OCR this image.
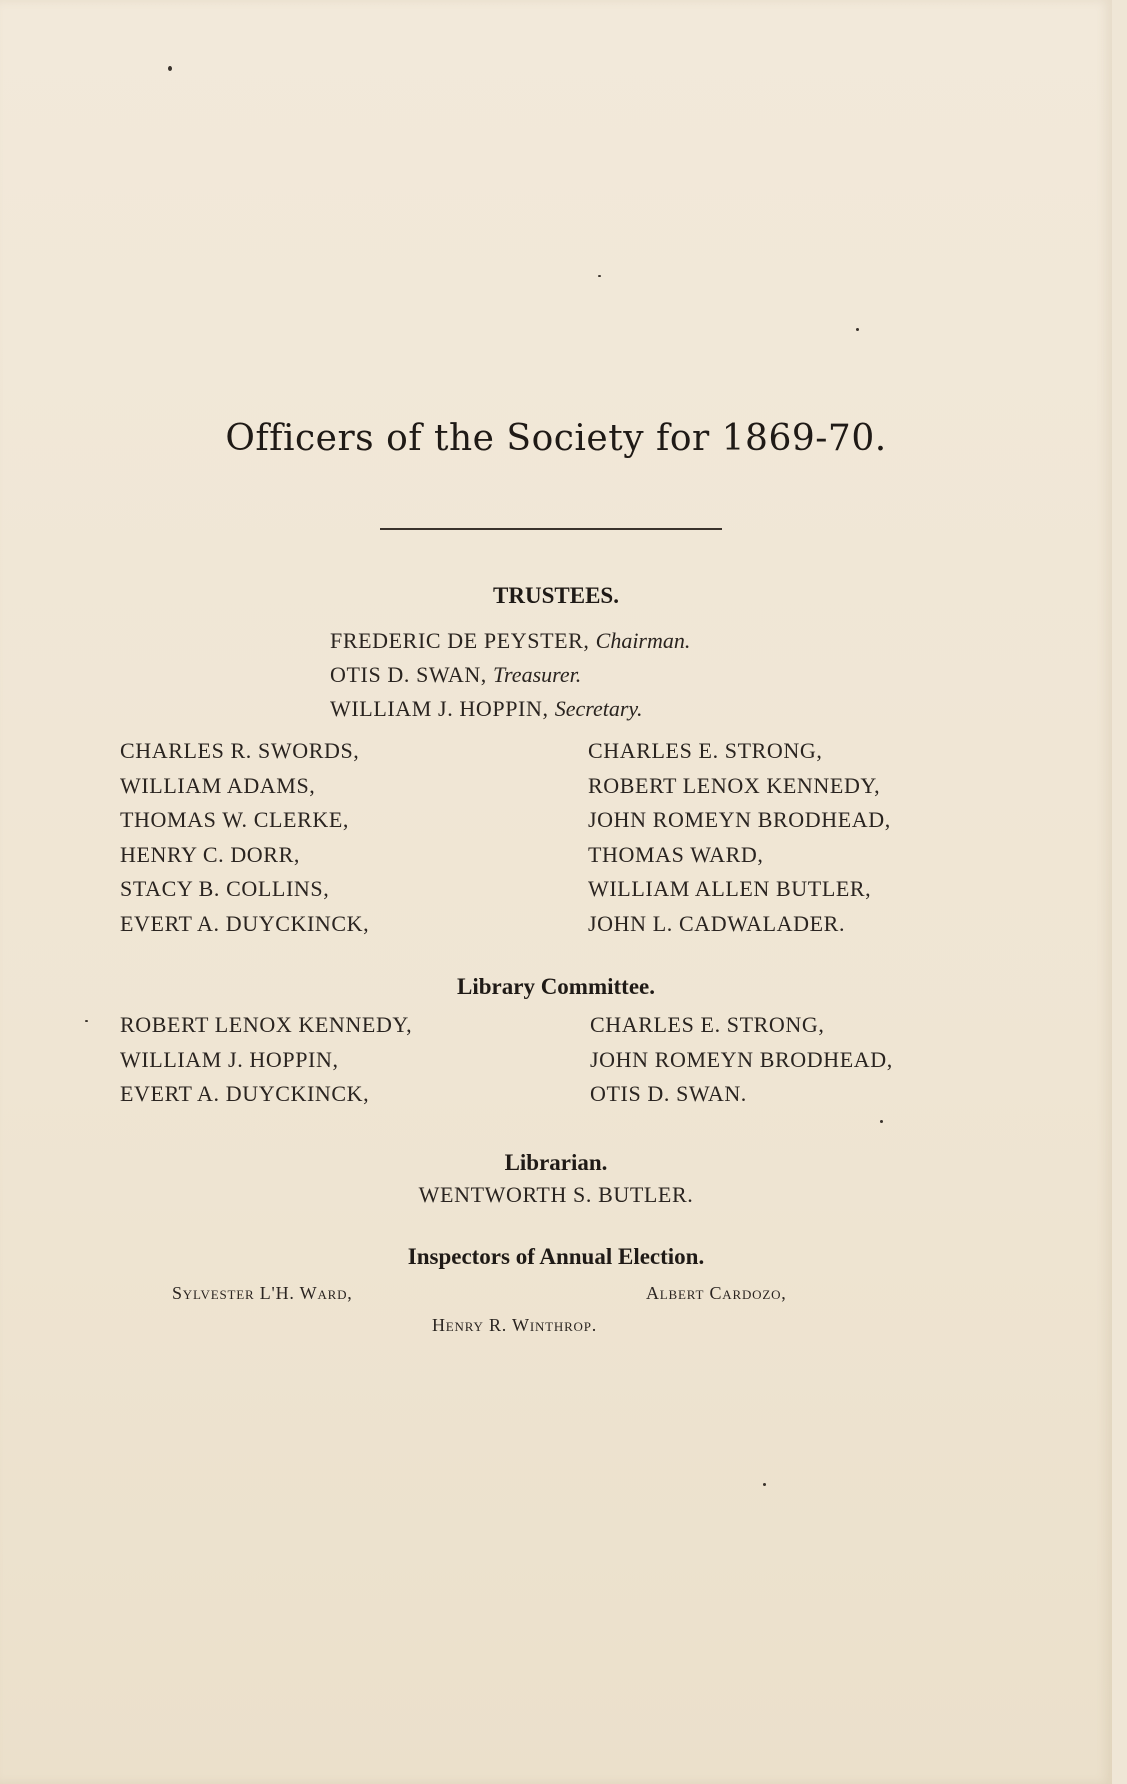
Officers of the Society for 1869-70.
TRUSTEES.
FREDERIC DE PEYSTER, Chairman.
OTIS D. SWAN, Treasurer.
WILLIAM J. HOPPIN, Secretary.
CHARLES R. SWORDS,
WILLIAM ADAMS,
THOMAS W. CLERKE,
HENRY C. DORR,
STACY B. COLLINS,
EVERT A. DUYCKINCK,
CHARLES E. STRONG,
ROBERT LENOX KENNEDY,
JOHN ROMEYN BRODHEAD,
THOMAS WARD,
WILLIAM ALLEN BUTLER,
JOHN L. CADWALADER.
Library Committee.
ROBERT LENOX KENNEDY,
WILLIAM J. HOPPIN,
EVERT A. DUYCKINCK,
CHARLES E. STRONG,
JOHN ROMEYN BRODHEAD,
OTIS D. SWAN.
Librarian.
WENTWORTH S. BUTLER.
Inspectors of Annual Election.
Sylvester L'H. Ward,	Albert Cardozo,
Henry R. Winthrop.
